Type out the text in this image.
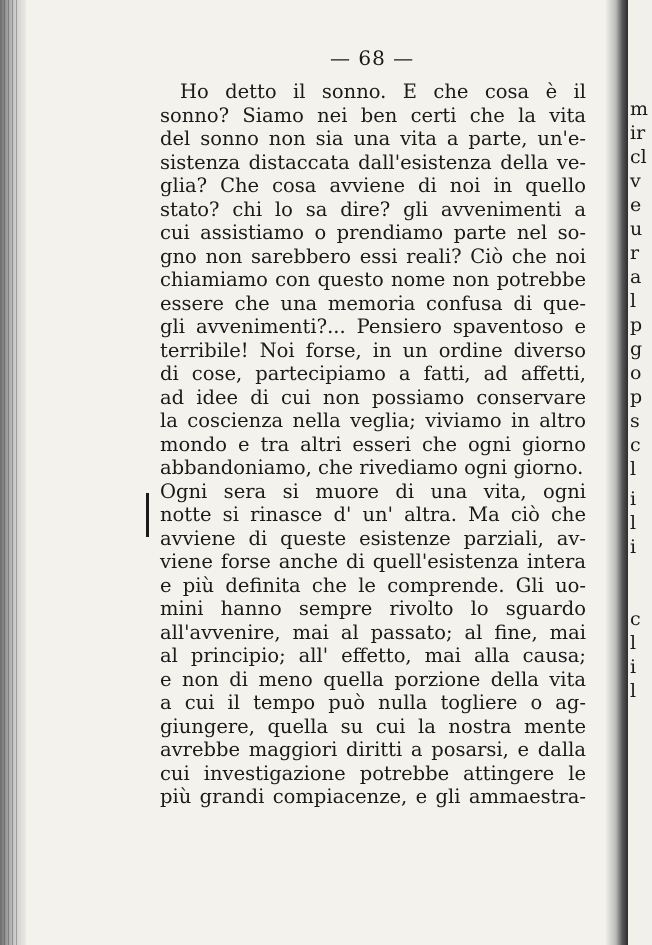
— 68 —
Ho detto il sonno. E che cosa è il
sonno? Siamo nei ben certi che la vita
del sonno non sia una vita a parte, un'e-
sistenza distaccata dall'esistenza della ve-
glia? Che cosa avviene di noi in quello
stato? chi lo sa dire? gli avvenimenti a
cui assistiamo o prendiamo parte nel so-
gno non sarebbero essi reali? Ciò che noi
chiamiamo con questo nome non potrebbe
essere che una memoria confusa di que-
gli avvenimenti?... Pensiero spaventoso e
terribile! Noi forse, in un ordine diverso
di cose, partecipiamo a fatti, ad affetti,
ad idee di cui non possiamo conservare
la coscienza nella veglia; viviamo in altro
mondo e tra altri esseri che ogni giorno
abbandoniamo, che rivediamo ogni giorno.
Ogni sera si muore di una vita, ogni
notte si rinasce d' un' altra. Ma ciò che
avviene di queste esistenze parziali, av-
viene forse anche di quell'esistenza intera
e più definita che le comprende. Gli uo-
mini hanno sempre rivolto lo sguardo
all'avvenire, mai al passato; al fine, mai
al principio; all' effetto, mai alla causa;
e non di meno quella porzione della vita
a cui il tempo può nulla togliere o ag-
giungere, quella su cui la nostra mente
avrebbe maggiori diritti a posarsi, e dalla
cui investigazione potrebbe attingere le
più grandi compiacenze, e gli ammaestra-
m
ir
cl
v
e
u
r
a
l
p
g
o
p
s
c
l
i
l
i
c
l
i
l
